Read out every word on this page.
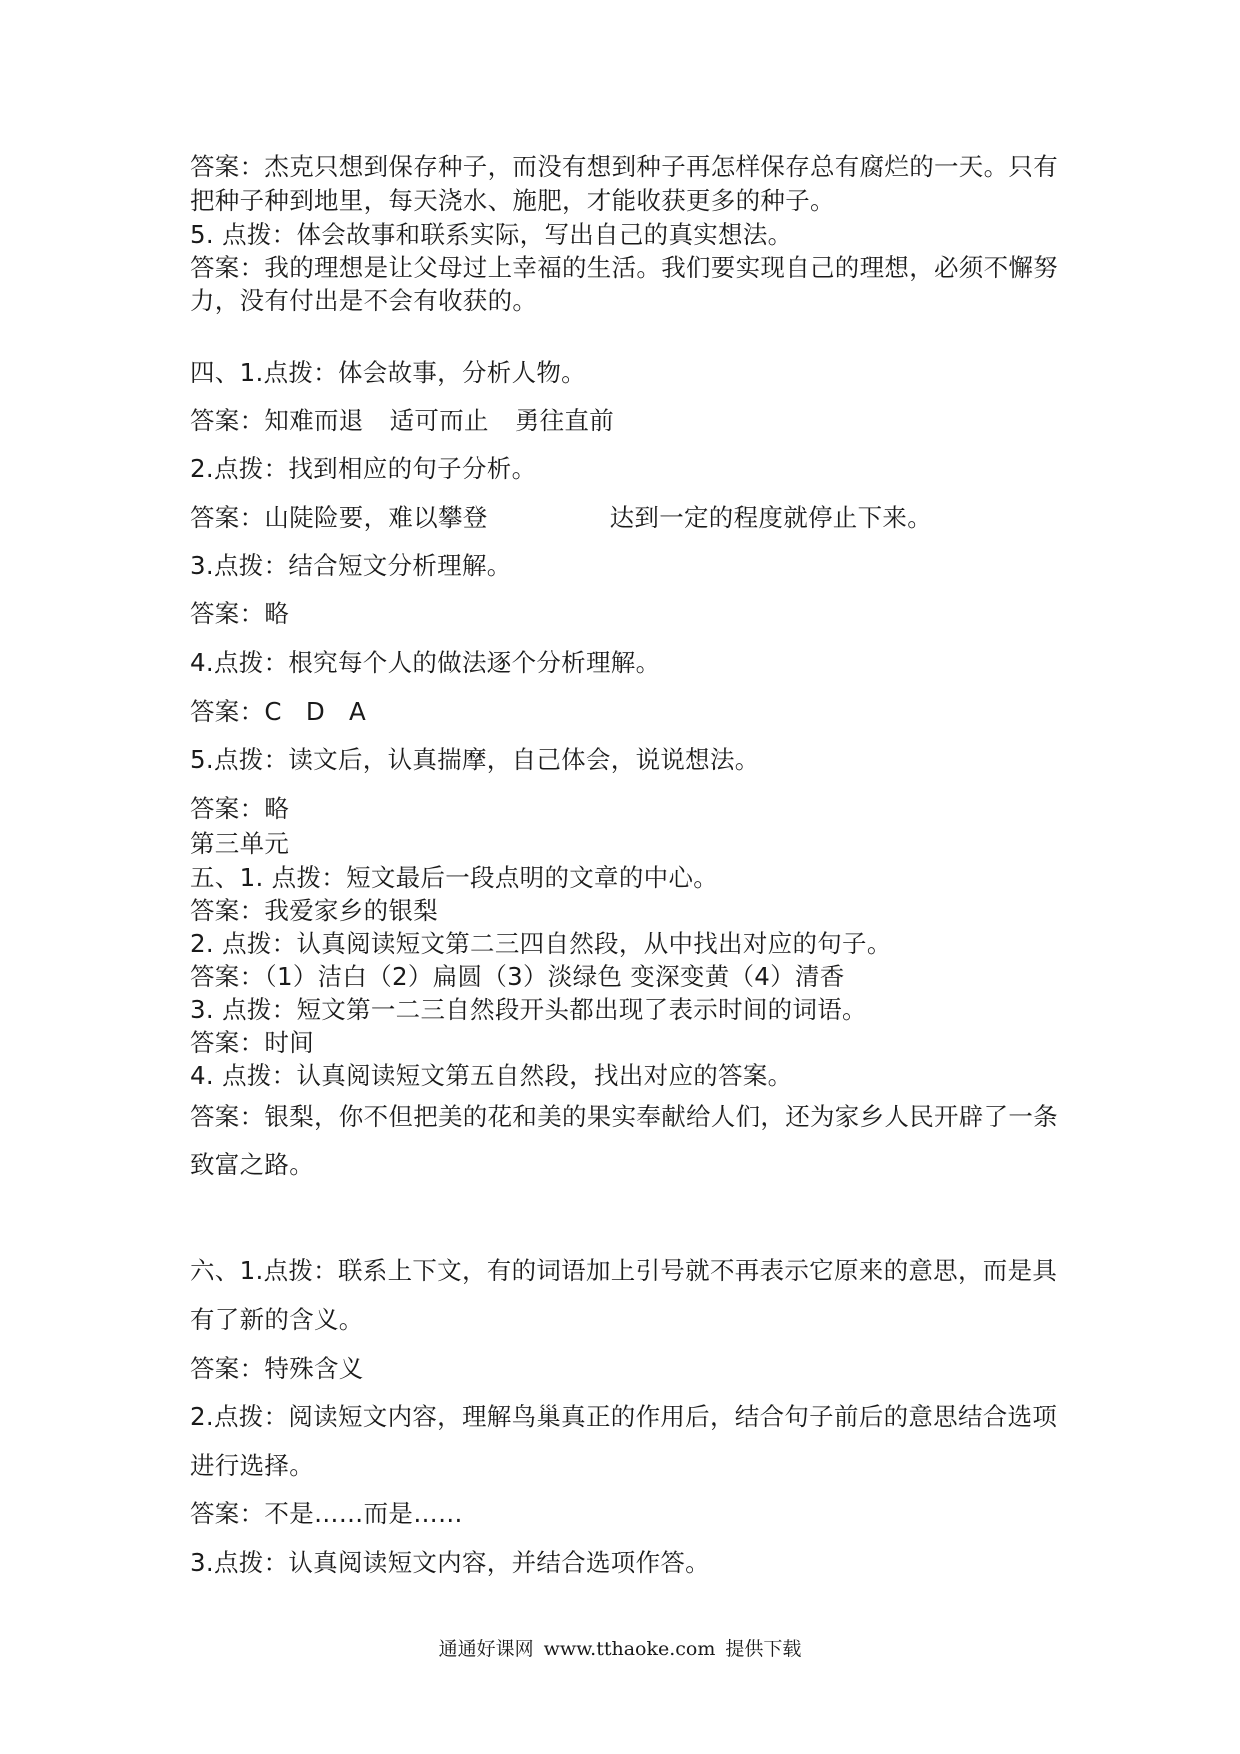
答案：杰克只想到保存种子，而没有想到种子再怎样保存总有腐烂的一天。只有

把种子种到地里，每天浇水、施肥，才能收获更多的种子。

5. 点拨：体会故事和联系实际，写出自己的真实想法。

答案：我的理想是让父母过上幸福的生活。我们要实现自己的理想，必须不懈努

力，没有付出是不会有收获的。

四、1.点拨：体会故事，分析人物。

答案：知难而退 适可而止 勇往直前

2.点拨：找到相应的句子分析。

答案：山陡险要，难以攀登	达到一定的程度就停止下来。

3.点拨：结合短文分析理解。

答案：略

4.点拨：根究每个人的做法逐个分析理解。

答案：C D A

5.点拨：读文后，认真揣摩，自己体会，说说想法。

答案：略

第三单元

五、1. 点拨：短文最后一段点明的文章的中心。

答案：我爱家乡的银梨

2. 点拨：认真阅读短文第二三四自然段，从中找出对应的句子。

答案：（1）洁白（2）扁圆（3）淡绿色 变深变黄（4）清香

3. 点拨：短文第一二三自然段开头都出现了表示时间的词语。

答案：时间

4. 点拨：认真阅读短文第五自然段，找出对应的答案。

答案：银梨，你不但把美的花和美的果实奉献给人们，还为家乡人民开辟了一条

致富之路。

六、1.点拨：联系上下文，有的词语加上引号就不再表示它原来的意思，而是具

有了新的含义。

答案：特殊含义

2.点拨：阅读短文内容，理解鸟巢真正的作用后，结合句子前后的意思结合选项

进行选择。

答案：不是……而是……

3.点拨：认真阅读短文内容，并结合选项作答。

通通好课网 www.tthaoke.com 提供下载
